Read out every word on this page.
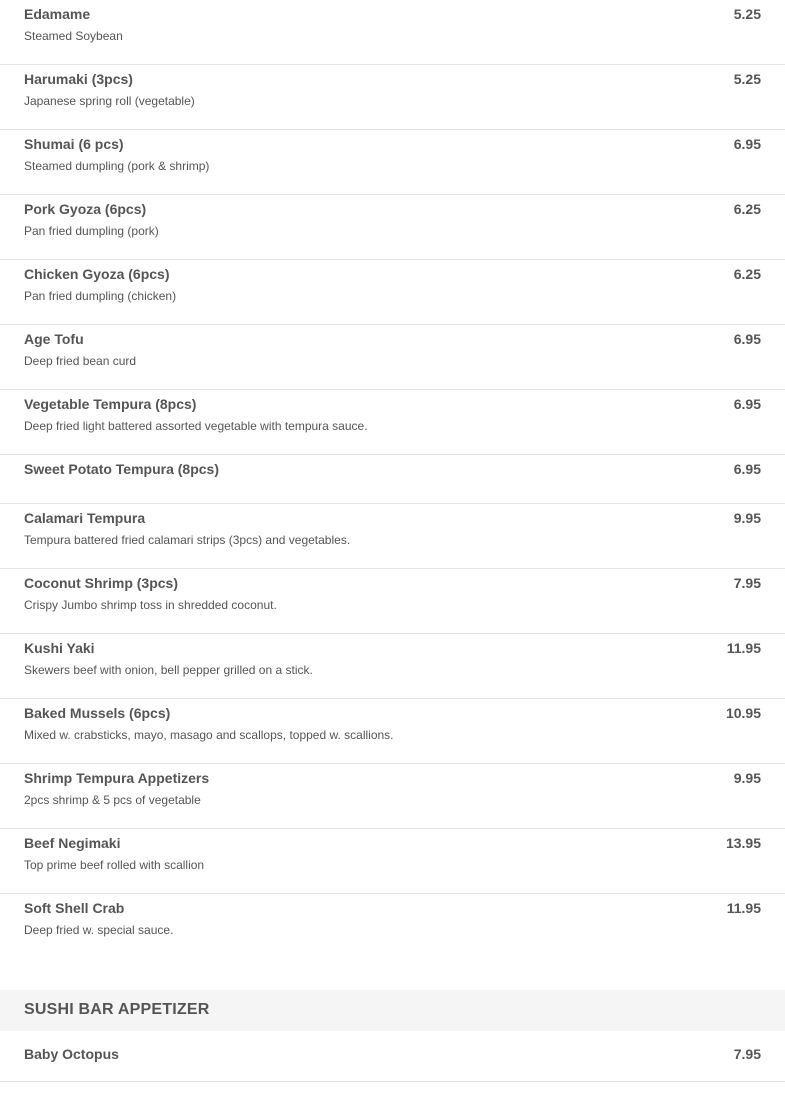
Edamame	5.25
Steamed Soybean
Harumaki (3pcs)	5.25
Japanese spring roll (vegetable)
Shumai (6 pcs)	6.95
Steamed dumpling (pork & shrimp)
Pork Gyoza (6pcs)	6.25
Pan fried dumpling (pork)
Chicken Gyoza (6pcs)	6.25
Pan fried dumpling (chicken)
Age Tofu	6.95
Deep fried bean curd
Vegetable Tempura (8pcs)	6.95
Deep fried light battered assorted vegetable with tempura sauce.
Sweet Potato Tempura (8pcs)	6.95
Calamari Tempura	9.95
Tempura battered fried calamari strips (3pcs) and vegetables.
Coconut Shrimp (3pcs)	7.95
Crispy Jumbo shrimp toss in shredded coconut.
Kushi Yaki	11.95
Skewers beef with onion, bell pepper grilled on a stick.
Baked Mussels (6pcs)	10.95
Mixed w. crabsticks, mayo, masago and scallops, topped w. scallions.
Shrimp Tempura Appetizers	9.95
2pcs shrimp & 5 pcs of vegetable
Beef Negimaki	13.95
Top prime beef rolled with scallion
Soft Shell Crab	11.95
Deep fried w. special sauce.
SUSHI BAR APPETIZER
Baby Octopus	7.95
